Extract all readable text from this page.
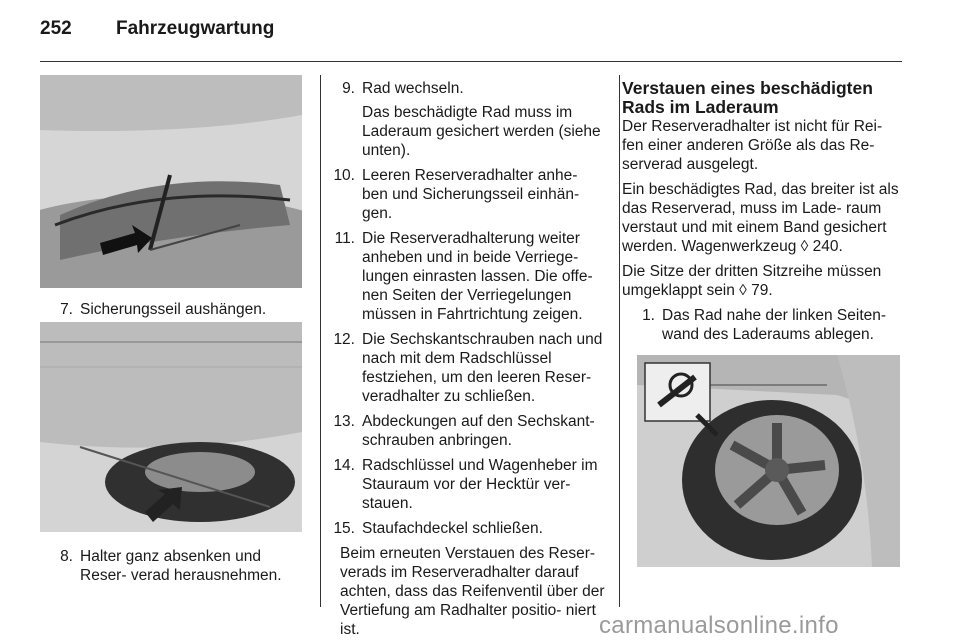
252 Fahrzeugwartung
7. Sicherungsseil aushängen.
8. Halter ganz absenken und Reser- verad herausnehmen.
9. Rad wechseln.
Das beschädigte Rad muss im Laderaum gesichert werden (siehe unten).
10. Leeren Reserveradhalter anhe- ben und Sicherungsseil einhän- gen.
11. Die Reserveradhalterung weiter anheben und in beide Verriege- lungen einrasten lassen. Die offe- nen Seiten der Verriegelungen müssen in Fahrtrichtung zeigen.
12. Die Sechskantschrauben nach und nach mit dem Radschlüssel festziehen, um den leeren Reser- veradhalter zu schließen.
13. Abdeckungen auf den Sechskant- schrauben anbringen.
14. Radschlüssel und Wagenheber im Stauraum vor der Hecktür ver- stauen.
15. Staufachdeckel schließen.
Beim erneuten Verstauen des Reser- verads im Reserveradhalter darauf achten, dass das Reifenventil über der Vertiefung am Radhalter positio- niert ist.
Verstauen eines beschädigten Rads im Laderaum

Der Reserveradhalter ist nicht für Rei- fen einer anderen Größe als das Re- serverad ausgelegt.

Ein beschädigtes Rad, das breiter ist als das Reserverad, muss im Lade- raum verstaut und mit einem Band gesichert werden. Wagenwerkzeug ◊ 240.

Die Sitze der dritten Sitzreihe müssen umgeklappt sein ◊ 79.

1. Das Rad nahe der linken Seiten- wand des Laderaums ablegen.
carmanualsonline.info
